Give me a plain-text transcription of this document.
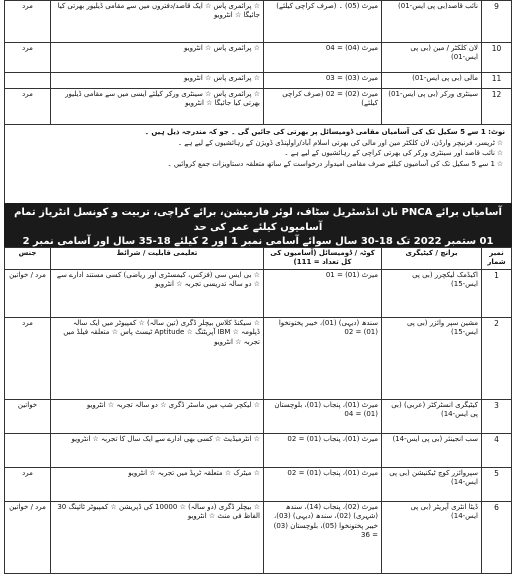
9	نائب قاصد(بی پی ایس-01)	میرٹ (05) ۔ (صرف کراچی کیلئے)	☆ پرائمری پاس ☆ ایک قاصد/دفتروں میں سے مقامی ڈیلیور بھرتی کیا جائیگا ☆ انٹرویو	مرد
10	لان کلکٹر / مین (بی پی ایس-01)	میرٹ (04) = 04	☆ پرائمری پاس ☆ انٹرویو	مرد
11	مالی (بی پی ایس-01)	میرٹ (03) = 03	☆ پرائمری پاس ☆ انٹرویو	
12	سینٹری ورکر (بی پی ایس-01)	میرٹ (02) = 02 (صرف کراچی کیلئے)	☆ پرائمری پاس ☆ سینٹری ورکر کیلئے ایسی میں سے مقامی ڈیلیور بھرتی کیا جائیگا ☆ انٹرویو	مرد
نوٹ: 1 سے 5 سکیل تک کی آسامیاں مقامی ڈومیسائل پر بھرتی کی جائیں گی ۔ جو کہ مندرجہ ذیل ہیں ۔
☆ٹریسر، فرنیچر وارڈن، لان کلکٹر مین اور مالی کی بھرتی اسلام آباد/راولپنڈی ڈویژن کے رہائشیوں کے لیے ہے ۔
☆نائب قاصد اور سینٹری ورکر کی بھرتی کراچی کے رہائشیوں کے لیے ہے ۔
☆1 سے 5 سکیل تک کی آسامیوں کیلئے صرف مقامی امیدوار درخواست کے ساتھ متعلقہ دستاویزات جمع کروائیں ۔
آسامیاں برائے PNCA نان انڈسٹریل سٹاف، لوئر فارمیشن، برائے کراچی، تربیت و کونسل انٹریاز تمام آسامیوں کیلئے عمر کی حد
01 ستمبر 2022 تک 18-30 سال سوائے آسامی نمبر 1 اور 2 کیلئے 18-35 سال اور آسامی نمبر 2
نمبر شمار	برانچ / کیٹیگری	کوٹہ / ڈومیسائل (آسامیوں کی کل تعداد = 111)	تعلیمی قابلیت / شرائط	جنس
1	اکیڈمک لیکچرر (بی پی ایس-15)	میرٹ (01) = 01	☆ بی ایس سی (فزکس، کیمسٹری اور ریاضی) کسی مستند ادارے سے ☆ دو سالہ تدریسی تجربہ ☆ انٹرویو	مرد / خواتین
2	مشین سپر وائزر (بی پی ایس-15)	سندھ (دیہی) (01)، خیبر پختونخوا (01) = 02	☆ سیکنڈ کلاس بیچلر ڈگری (تین سالہ) ☆ کمپیوٹر میں ایک سالہ ڈپلومہ ☆ IBM آپریٹنگ ☆ Aptitude ٹیسٹ پاس ☆ متعلقہ فیلڈ میں تجربہ ☆ انٹرویو	مرد
3	کیٹیگری انسٹرکٹر (عربی) (بی پی ایس-14)	میرٹ (01)، پنجاب (01)، بلوچستان (01) = 04	☆ لیکچر شپ میں ماسٹر ڈگری ☆ دو سالہ تجربہ ☆ انٹرویو	خواتین
4	سب انجینئر (بی پی ایس-14)	میرٹ (01)، پنجاب (01) = 02	☆ انٹرمیڈیٹ ☆ کسی بھی ادارے سے ایک سال کا تجربہ ☆ انٹرویو	
5	سپروائزر کوچ ٹیکنیشن (بی پی ایس-14)	میرٹ (01)، پنجاب (01) = 02	☆ میٹرک ☆ متعلقہ ٹریڈ میں تجربہ ☆ انٹرویو	مرد
6	ڈیٹا انٹری آپریٹر (بی پی ایس-14)	میرٹ (02)، پنجاب (14)، سندھ (شہری) (02)، سندھ (دیہی) (03)، خیبر پختونخوا (05)، بلوچستان (03) = 36	☆ بیچلر ڈگری (دو سالہ) ☆ 10000 کی ڈپریشن ☆ کمپیوٹر ٹائپنگ 30 الفاظ فی منٹ ☆ انٹرویو	مرد / خواتین
